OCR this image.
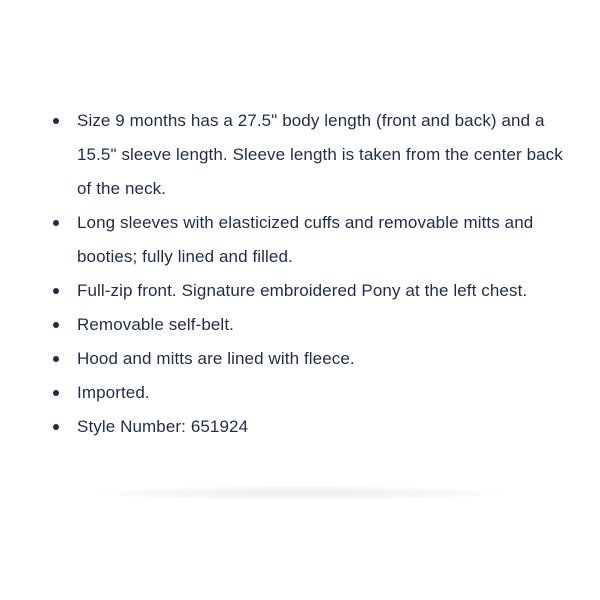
Size 9 months has a 27.5" body length (front and back) and a 15.5" sleeve length. Sleeve length is taken from the center back of the neck.
Long sleeves with elasticized cuffs and removable mitts and booties; fully lined and filled.
Full-zip front. Signature embroidered Pony at the left chest.
Removable self-belt.
Hood and mitts are lined with fleece.
Imported.
Style Number: 651924
